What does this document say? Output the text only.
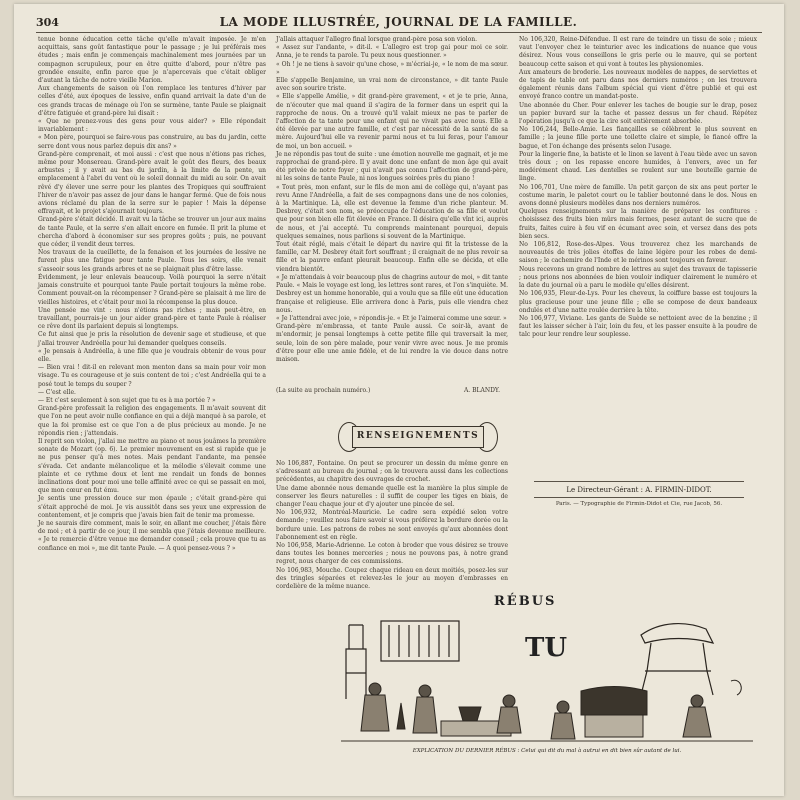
304	LA MODE ILLUSTRÉE, JOURNAL DE LA FAMILLE.

tenue bonne éducation cette tâche qu'elle m'avait imposée. Je m'en acquittais, sans goût fantastique pour le passage ; je lui préférais mes études ; mais enfin je commençais machinalement mes journées par un compagnon scrupuleux, pour en être quitte d'abord, pour n'être pas grondée ensuite, enfin parce que je n'apercevais que c'était obliger d'autant la tâche de notre vieille Marion.

Aux changements de saison où l'on remplace les tentures d'hiver par celles d'été, aux époques de lessive, enfin quand arrivait la date d'un de ces grands tracas de ménage où l'on se surmène, tante Paule se plaignait d'être fatiguée et grand-père lui disait :

« Que ne prenez-vous des gens pour vous aider? » Elle répondait invariablement :

« Mon père, pourquoi se faire-vous pas construire, au bas du jardin, cette serre dont vous nous parlez depuis dix ans? »

Grand-père comprenait, et moi aussi : c'est que nous n'étions pas riches, même pour Monsereau. Grand-père avait le goût des fleurs, des beaux arbustes ; il y avait au bas du jardin, à la limite de la pente, un emplacement à l'abri du vent où le soleil donnait du midi au soir. On avait rêvé d'y élever une serre pour les plantes des Tropiques qui souffraient l'hiver de n'avoir pas assez de jour dans le hangar fermé. Que de fois nous avions réclamé du plan de la serre sur le papier ! Mais la dépense effrayait, et le projet s'ajournait toujours.

Grand-père s'était décidé. Il avait vu la tâche se trouver un jour aux mains de tante Paule, et la serre s'en allait encore en fumée. Il prit la plume et chercha d'abord à économiser sur ses propres goûts ; puis, ne pouvant que céder, il vendit deux terres.

Nos travaux de la cueillette, de la fenaison et les journées de lessive ne furent plus une fatigue pour tante Paule. Tous les soirs, elle venait s'asseoir sous les grands arbres et ne se plaignait plus d'être lasse.

Évidemment, je leur enlevais beaucoup. Voilà pourquoi la serre n'était jamais construite et pourquoi tante Paule portait toujours la même robe. Comment pouvait-on la récompenser ? Grand-père se plaisait à me lire de vieilles histoires, et c'était pour moi la récompense la plus douce.

Une pensée me vint : nous n'étions pas riches ; mais peut-être, en travaillant, pourrais-je un jour aider grand-père et tante Paule à réaliser ce rêve dont ils parlaient depuis si longtemps.

Ce fut ainsi que je pris la résolution de devenir sage et studieuse, et que j'allai trouver Andréella pour lui demander quelques conseils.

« Je pensais à Andréella, à une fille que je voudrais obtenir de vous pour elle.

— Bien vrai ! dit-il en relevant mon menton dans sa main pour voir mon visage. Tu es courageuse et je suis content de toi ; c'est Andréella qui te a posé tout le temps du souper ?

— C'est elle.

— Et c'est seulement à son sujet que tu es à ma portée ? »

Grand-père professait la religion des engagements. Il m'avait souvent dit que l'on ne peut avoir nulle confiance en qui a déjà manqué à sa parole, et que la foi promise est ce que l'on a de plus précieux au monde. Je ne répondis rien ; j'attendais.

Il reprit son violon, j'allai me mettre au piano et nous jouâmes la première sonate de Mozart (op. 6). Le premier mouvement en est si rapide que je ne pus penser qu'à mes notes. Mais pendant l'andante, ma pensée s'évada. Cet andante mélancolique et la mélodie s'élevait comme une plainte et ce rythme doux et lent me rendait un fonds de bonnes inclinations dont pour moi une telle affinité avec ce qui se passait en moi, que mon cœur en fut ému.

Je sentis une pression douce sur mon épaule ; c'était grand-père qui s'était approché de moi. Je vis aussitôt dans ses yeux une expression de contentement, et je compris que j'avais bien fait de tenir ma promesse.

Je ne saurais dire comment, mais le soir, en allant me coucher, j'étais fière de moi ; et à partir de ce jour, il me sembla que j'étais devenue meilleure. « Je te remercie d'être venue me demander conseil ; cela prouve que tu as confiance en moi », me dit tante Paule. — A quoi pensez-vous ? »

J'allais attaquer l'allegro final lorsque grand-père posa son violon.

« Assez sur l'andante, » dit-il. « L'allegro est trop gai pour moi ce soir. Anna, je te rends ta parole. Tu peux nous questionner. »

« Oh ! je ne tiens à savoir qu'une chose, » m'écriai-je, « le nom de ma sœur. »

Elle s'appelle Benjamine, un vrai nom de circonstance, » dit tante Paule avec son sourire triste.

« Elle s'appelle Amélie, » dit grand-père gravement, « et je te prie, Anna, de n'écouter que mal quand il s'agira de la former dans un esprit qui la rapproche de nous. On a trouvé qu'il valait mieux ne pas te parler de l'affection de ta tante pour une enfant qui ne vivait pas avec nous. Elle a été élevée par une autre famille, et c'est par nécessité de la santé de sa mère. Aujourd'hui elle va revenir parmi nous et tu lui feras, pour l'amour de moi, un bon accueil. »

Je ne répondis pas tout de suite : une émotion nouvelle me gagnait, et je me rapprochai de grand-père. Il y avait donc une enfant de mon âge qui avait été privée de notre foyer ; qui n'avait pas connu l'affection de grand-père, ni les soins de tante Paule, ni nos longues soirées près du piano !

« Tout près, mon enfant, sur le fils de mon ami de collège qui, n'ayant pas revu Anne l'Andréella, a fait de ses compagnons dans une de nos colonies, à la Martinique. Là, elle est devenue la femme d'un riche planteur. M. Desbrey, c'était son nom, se préoccupa de l'éducation de sa fille et voulut que pour son bien elle fût élevée en France. Il désira qu'elle vînt ici, auprès de nous, et j'ai accepté. Tu comprends maintenant pourquoi, depuis quelques semaines, nous parlions si souvent de la Martinique.

Tout était réglé, mais c'était le départ du navire qui fit la tristesse de la famille, car M. Desbrey était fort souffrant ; il craignait de ne plus revoir sa fille et la pauvre enfant pleurait beaucoup. Enfin elle se décida, et elle viendra bientôt.

« Je m'attendais à voir beaucoup plus de chagrins autour de moi, » dit tante Paule. « Mais le voyage est long, les lettres sont rares, et l'on s'inquiète. M. Desbrey est un homme honorable, qui a voulu que sa fille eût une éducation française et religieuse. Elle arrivera donc à Paris, puis elle viendra chez nous.

« Je l'attendrai avec joie, » répondis-je. « Et je l'aimerai comme une sœur. »

Grand-père m'embrassa, et tante Paule aussi. Ce soir-là, avant de m'endormir, je pensai longtemps à cette petite fille qui traversait la mer, seule, loin de son père malade, pour venir vivre avec nous. Je me promis d'être pour elle une amie fidèle, et de lui rendre la vie douce dans notre maison.

(La suite au prochain numéro.)	A. BLANDY.
RENSEIGNEMENTS

No 106,887, Fontaine. On peut se procurer un dessin du même genre en s'adressant au bureau du journal ; on le trouvera aussi dans les collections précédentes, au chapitre des ouvrages de crochet.

Une dame abonnée nous demande quelle est la manière la plus simple de conserver les fleurs naturelles : il suffit de couper les tiges en biais, de changer l'eau chaque jour et d'y ajouter une pincée de sel.

No 106,932, Montréal-Mauricie. Le cadre sera expédié selon votre demande ; veuillez nous faire savoir si vous préférez la bordure dorée ou la bordure unie. Les patrons de robes ne sont envoyés qu'aux abonnées dont l'abonnement est en règle.

No 106,958, Marie-Adrienne. Le coton à broder que vous désirez se trouve dans toutes les bonnes merceries ; nous ne pouvons pas, à notre grand regret, nous charger de ces commissions.

No 106,983, Mouche. Coupez chaque rideau en deux moitiés, posez-les sur des tringles séparées et relevez-les le jour au moyen d'embrasses en cordelière de la même nuance.

No 106,320, Reine-Défendue. Il est rare de teindre un tissu de soie ; mieux vaut l'envoyer chez le teinturier avec les indications de nuance que vous désirez. Nous vous conseillons le gris perle ou le mauve, qui se portent beaucoup cette saison et qui vont à toutes les physionomies.

Aux amateurs de broderie. Les nouveaux modèles de nappes, de serviettes et de tapis de table ont paru dans nos derniers numéros ; on les trouvera également réunis dans l'album spécial qui vient d'être publié et qui est envoyé franco contre un mandat-poste.

Une abonnée du Cher. Pour enlever les taches de bougie sur le drap, posez un papier buvard sur la tache et passez dessus un fer chaud. Répétez l'opération jusqu'à ce que la cire soit entièrement absorbée.

No 106,244, Belle-Amie. Les fiançailles se célèbrent le plus souvent en famille ; la jeune fille porte une toilette claire et simple, le fiancé offre la bague, et l'on échange des présents selon l'usage.

Pour la lingerie fine, la batiste et le linon se lavent à l'eau tiède avec un savon très doux ; on les repasse encore humides, à l'envers, avec un fer modérément chaud. Les dentelles se roulent sur une bouteille garnie de linge.

No 106,701, Une mère de famille. Un petit garçon de six ans peut porter le costume marin, le paletot court ou le tablier boutonné dans le dos. Nous en avons donné plusieurs modèles dans nos derniers numéros.

Quelques renseignements sur la manière de préparer les confitures : choisissez des fruits bien mûrs mais fermes, pesez autant de sucre que de fruits, faites cuire à feu vif en écumant avec soin, et versez dans des pots bien secs.

No 106,812, Rose-des-Alpes. Vous trouverez chez les marchands de nouveautés de très jolies étoffes de laine légère pour les robes de demi-saison ; le cachemire de l'Inde et le mérinos sont toujours en faveur.

Nous recevons un grand nombre de lettres au sujet des travaux de tapisserie ; nous prions nos abonnées de bien vouloir indiquer clairement le numéro et la date du journal où a paru le modèle qu'elles désirent.

No 106,935, Fleur-de-Lys. Pour les cheveux, la coiffure basse est toujours la plus gracieuse pour une jeune fille ; elle se compose de deux bandeaux ondulés et d'une natte roulée derrière la tête.

No 106,977, Viviane. Les gants de Suède se nettoient avec de la benzine ; il faut les laisser sécher à l'air, loin du feu, et les passer ensuite à la poudre de talc pour leur rendre leur souplesse.

Le Directeur-Gérant : A. FIRMIN-DIDOT.
Paris. — Typographie de Firmin-Didot et Cie, rue Jacob, 56.
RÉBUS
TU
EXPLICATION DU DERNIER RÉBUS : Celui qui dit du mal à autrui en dit bien sûr autant de lui.
